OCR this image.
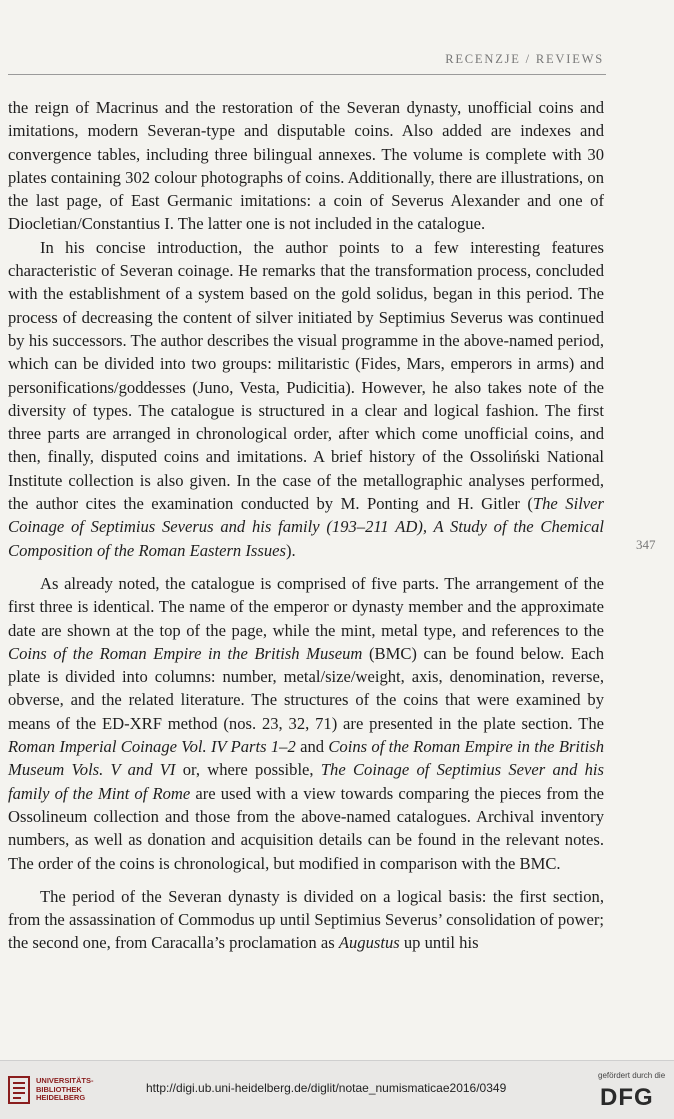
RECENZJE / REVIEWS

the reign of Macrinus and the restoration of the Severan dynasty, unofficial coins and imitations, modern Severan-type and disputable coins. Also added are indexes and convergence tables, including three bilingual annexes. The volume is complete with 30 plates containing 302 colour photographs of coins. Additionally, there are illustrations, on the last page, of East Germanic imitations: a coin of Severus Alexander and one of Diocletian/Constantius I. The latter one is not included in the catalogue.

In his concise introduction, the author points to a few interesting features characteristic of Severan coinage. He remarks that the transformation process, concluded with the establishment of a system based on the gold solidus, began in this period. The process of decreasing the content of silver initiated by Septimius Severus was continued by his successors. The author describes the visual programme in the above-named period, which can be divided into two groups: militaristic (Fides, Mars, emperors in arms) and personifications/goddesses (Juno, Vesta, Pudicitia). However, he also takes note of the diversity of types. The catalogue is structured in a clear and logical fashion. The first three parts are arranged in chronological order, after which come unofficial coins, and then, finally, disputed coins and imitations. A brief history of the Ossoliński National Institute collection is also given. In the case of the metallographic analyses performed, the author cites the examination conducted by M. Ponting and H. Gitler (The Silver Coinage of Septimius Severus and his family (193–211 AD), A Study of the Chemical Composition of the Roman Eastern Issues).

As already noted, the catalogue is comprised of five parts. The arrangement of the first three is identical. The name of the emperor or dynasty member and the approximate date are shown at the top of the page, while the mint, metal type, and references to the Coins of the Roman Empire in the British Museum (BMC) can be found below. Each plate is divided into columns: number, metal/size/weight, axis, denomination, reverse, obverse, and the related literature. The structures of the coins that were examined by means of the ED-XRF method (nos. 23, 32, 71) are presented in the plate section. The Roman Imperial Coinage Vol. IV Parts 1–2 and Coins of the Roman Empire in the British Museum Vols. V and VI or, where possible, The Coinage of Septimius Sever and his family of the Mint of Rome are used with a view towards comparing the pieces from the Ossolineum collection and those from the above-named catalogues. Archival inventory numbers, as well as donation and acquisition details can be found in the relevant notes. The order of the coins is chronological, but modified in comparison with the BMC.

The period of the Severan dynasty is divided on a logical basis: the first section, from the assassination of Commodus up until Septimius Severus’ consolidation of power; the second one, from Caracalla’s proclamation as Augustus up until his

347
UNIVERSITÄTS-
BIBLIOTHEK
HEIDELBERG
http://digi.ub.uni-heidelberg.de/diglit/notae_numismaticae2016/0349
gefördert durch die
DFG
